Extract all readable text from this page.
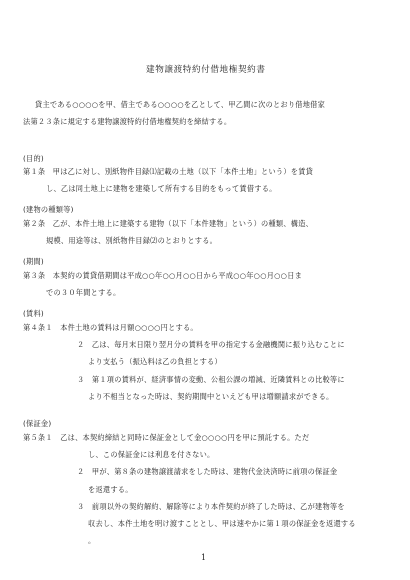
建物譲渡特約付借地権契約書
貸主である○○○○を甲、借主である○○○○を乙として、甲乙間に次のとおり借地借家
法第２３条に規定する建物譲渡特約付借地権契約を締結する。
(目的)
第１条　甲は乙に対し、別紙物件目録⑴記載の土地（以下「本件土地」という）を賃貸
し、乙は同土地上に建物を建築して所有する目的をもって賃借する。
(建物の種類等)
第２条　乙が、本件土地上に建築する建物（以下「本件建物」という）の種類、構造、
規模、用途等は、別紙物件目録⑵のとおりとする。
(期間)
第３条　本契約の賃貸借期間は平成○○年○○月○○日から平成○○年○○月○○日ま
での３０年間とする。
(賃料)
第４条１　本件土地の賃料は月額○○○○円とする。
２　乙は、毎月末日限り翌月分の賃料を甲の指定する金融機関に振り込むことに
より支払う（振込料は乙の負担とする）
３　第１項の賃料が、経済事情の変動、公租公課の増減、近隣賃料との比較等に
より不相当となった時は、契約期間中といえども甲は増額請求ができる。
(保証金)
第５条１　乙は、本契約締結と同時に保証金として金○○○○円を甲に預託する。ただ
し、この保証金には利息を付さない。
２　甲が、第８条の建物譲渡請求をした時は、建物代金決済時に前項の保証金
を返還する。
３　前項以外の契約解約、解除等により本件契約が終了した時は、乙が建物等を
収去し、本件土地を明け渡すこととし、甲は速やかに第１項の保証金を返還する
。
1
